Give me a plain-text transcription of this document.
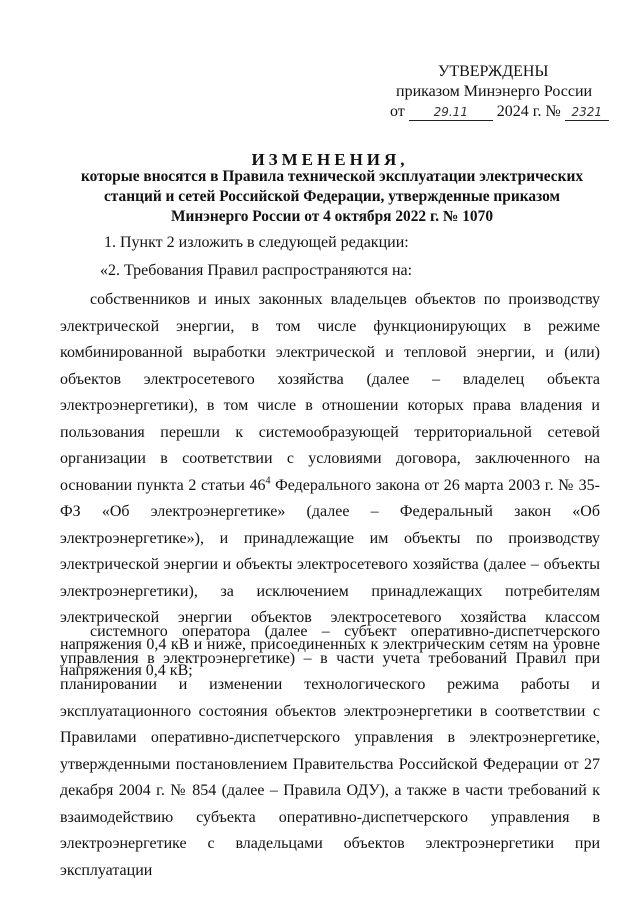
УТВЕРЖДЕНЫ
приказом Минэнерго России
от 29.11 2024 г. № 2321
ИЗМЕНЕНИЯ,
которые вносятся в Правила технической эксплуатации электрических станций и сетей Российской Федерации, утвержденные приказом Минэнерго России от 4 октября 2022 г. № 1070
1. Пункт 2 изложить в следующей редакции:
«2. Требования Правил распространяются на:
собственников и иных законных владельцев объектов по производству электрической энергии, в том числе функционирующих в режиме комбинированной выработки электрической и тепловой энергии, и (или) объектов электросетевого хозяйства (далее – владелец объекта электроэнергетики), в том числе в отношении которых права владения и пользования перешли к системообразующей территориальной сетевой организации в соответствии с условиями договора, заключенного на основании пункта 2 статьи $46^4$ Федерального закона от 26 марта 2003 г. № 35-ФЗ «Об электроэнергетике» (далее – Федеральный закон «Об электроэнергетике»), и принадлежащие им объекты по производству электрической энергии и объекты электросетевого хозяйства (далее – объекты электроэнергетики), за исключением принадлежащих потребителям электрической энергии объектов электросетевого хозяйства классом напряжения 0,4 кВ и ниже, присоединенных к электрическим сетям на уровне напряжения 0,4 кВ;
системного оператора (далее – субъект оперативно-диспетчерского управления в электроэнергетике) – в части учета требований Правил при планировании и изменении технологического режима работы и эксплуатационного состояния объектов электроэнергетики в соответствии с Правилами оперативно-диспетчерского управления в электроэнергетике, утвержденными постановлением Правительства Российской Федерации от 27 декабря 2004 г. № 854 (далее – Правила ОДУ), а также в части требований к взаимодействию субъекта оперативно-диспетчерского управления в электроэнергетике с владельцами объектов электроэнергетики при эксплуатации
